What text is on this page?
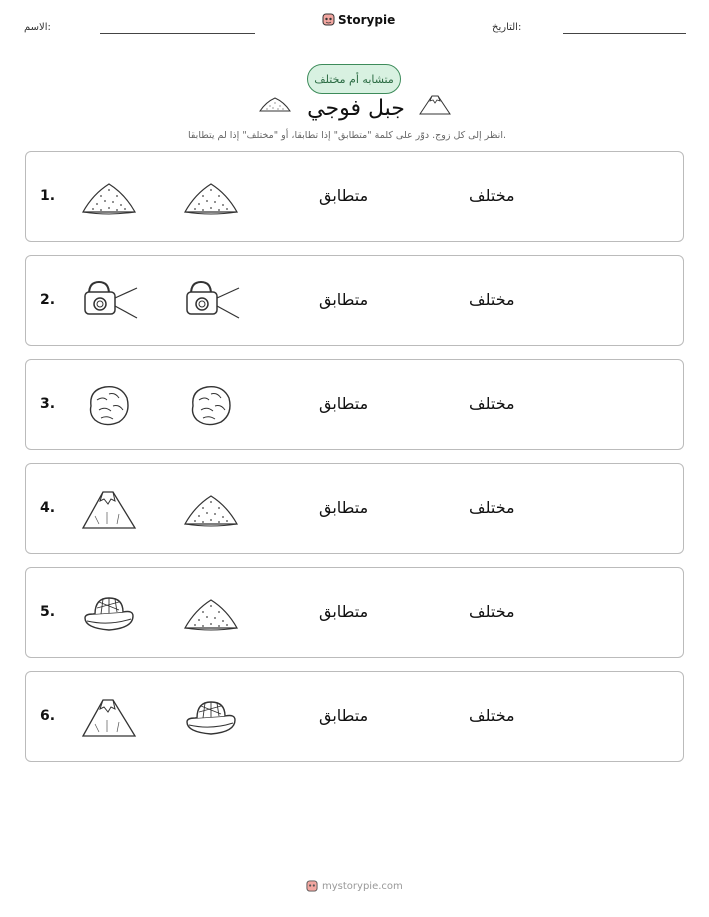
الاسم:
Storypie
التاريخ:
متشابه أم مختلف
جبل فوجي
انظر إلى كل زوج. دوّر على كلمة "متطابق" إذا تطابقا، أو "مختلف" إذا لم يتطابقا.
1.	متطابق	مختلف
2.	متطابق	مختلف
3.	متطابق	مختلف
4.	متطابق	مختلف
5.	متطابق	مختلف
6.	متطابق	مختلف
mystorypie.com
